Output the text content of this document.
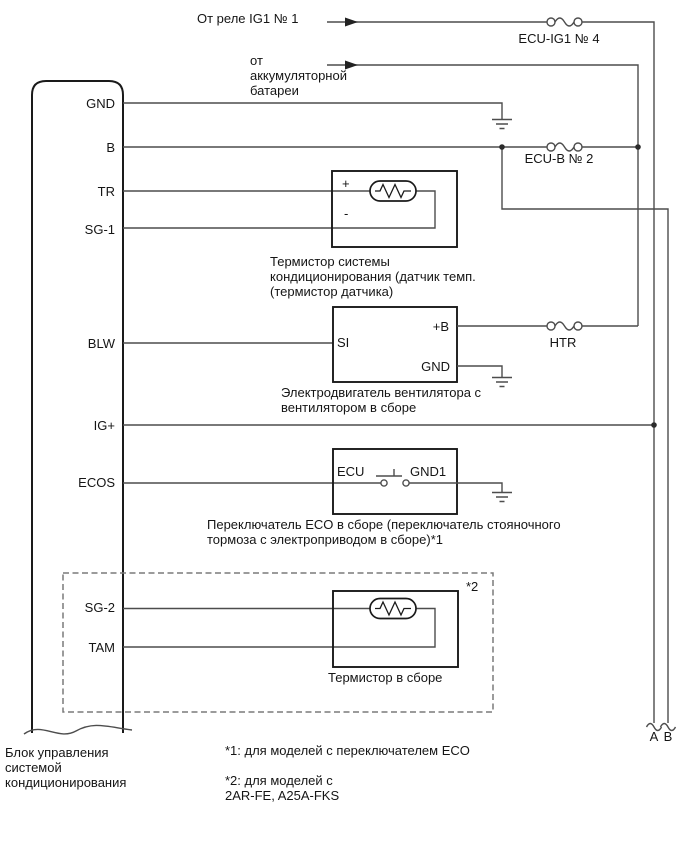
От реле IG1 № 1
от
аккумуляторной
батареи
ECU-IG1 № 4
ECU-B № 2
HTR
GND
B
TR
SG-1
BLW
IG+
ECOS
SG-2
TAM
+
-
Термистор системы
кондиционирования (датчик темп.
(термистор датчика)
+B
SI
GND
Электродвигатель вентилятора с
вентилятором в сборе
ECU	GND1
Переключатель ECO в сборе (переключатель стояночного
тормоза с электроприводом в сборе)*1
*2
Термистор в сборе
Блок управления
системой
кондиционирования
*1: для моделей с переключателем ECO
*2: для моделей с
2AR-FE, A25A-FKS
A B
